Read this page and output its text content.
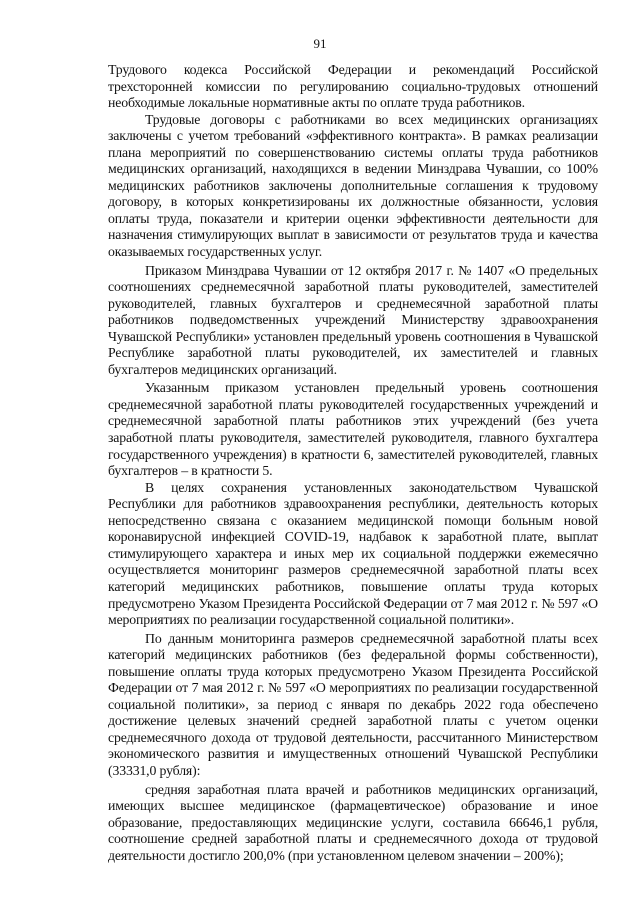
91

Трудового кодекса Российской Федерации и рекомендаций Российской трехсторонней комиссии по регулированию социально-трудовых отношений необходимые локальные нормативные акты по оплате труда работников.

Трудовые договоры с работниками во всех медицинских организациях заключены с учетом требований «эффективного контракта». В рамках реализации плана мероприятий по совершенствованию системы оплаты труда работников медицинских организаций, находящихся в ведении Минздрава Чувашии, со 100% медицинских работников заключены дополнительные соглашения к трудовому договору, в которых конкретизированы их должностные обязанности, условия оплаты труда, показатели и критерии оценки эффективности деятельности для назначения стимулирующих выплат в зависимости от результатов труда и качества оказываемых государственных услуг.

Приказом Минздрава Чувашии от 12 октября 2017 г. № 1407 «О предельных соотношениях среднемесячной заработной платы руководителей, заместителей руководителей, главных бухгалтеров и среднемесячной заработной платы работников подведомственных учреждений Министерству здравоохранения Чувашской Республики» установлен предельный уровень соотношения в Чувашской Республике заработной платы руководителей, их заместителей и главных бухгалтеров медицинских организаций.

Указанным приказом установлен предельный уровень соотношения среднемесячной заработной платы руководителей государственных учреждений и среднемесячной заработной платы работников этих учреждений (без учета заработной платы руководителя, заместителей руководителя, главного бухгалтера государственного учреждения) в кратности 6, заместителей руководителей, главных бухгалтеров – в кратности 5.

В целях сохранения установленных законодательством Чувашской Республики для работников здравоохранения республики, деятельность которых непосредственно связана с оказанием медицинской помощи больным новой коронавирусной инфекцией COVID-19, надбавок к заработной плате, выплат стимулирующего характера и иных мер их социальной поддержки ежемесячно осуществляется мониторинг размеров среднемесячной заработной платы всех категорий медицинских работников, повышение оплаты труда которых предусмотрено Указом Президента Российской Федерации от 7 мая 2012 г. № 597 «О мероприятиях по реализации государственной социальной политики».

По данным мониторинга размеров среднемесячной заработной платы всех категорий медицинских работников (без федеральной формы собственности), повышение оплаты труда которых предусмотрено Указом Президента Российской Федерации от 7 мая 2012 г. № 597 «О мероприятиях по реализации государственной социальной политики», за период с января по декабрь 2022 года обеспечено достижение целевых значений средней заработной платы с учетом оценки среднемесячного дохода от трудовой деятельности, рассчитанного Министерством экономического развития и имущественных отношений Чувашской Республики (33331,0 рубля):

средняя заработная плата врачей и работников медицинских организаций, имеющих высшее медицинское (фармацевтическое) образование и иное образование, предоставляющих медицинские услуги, составила 66646,1 рубля, соотношение средней заработной платы и среднемесячного дохода от трудовой деятельности достигло 200,0% (при установленном целевом значении – 200%);
